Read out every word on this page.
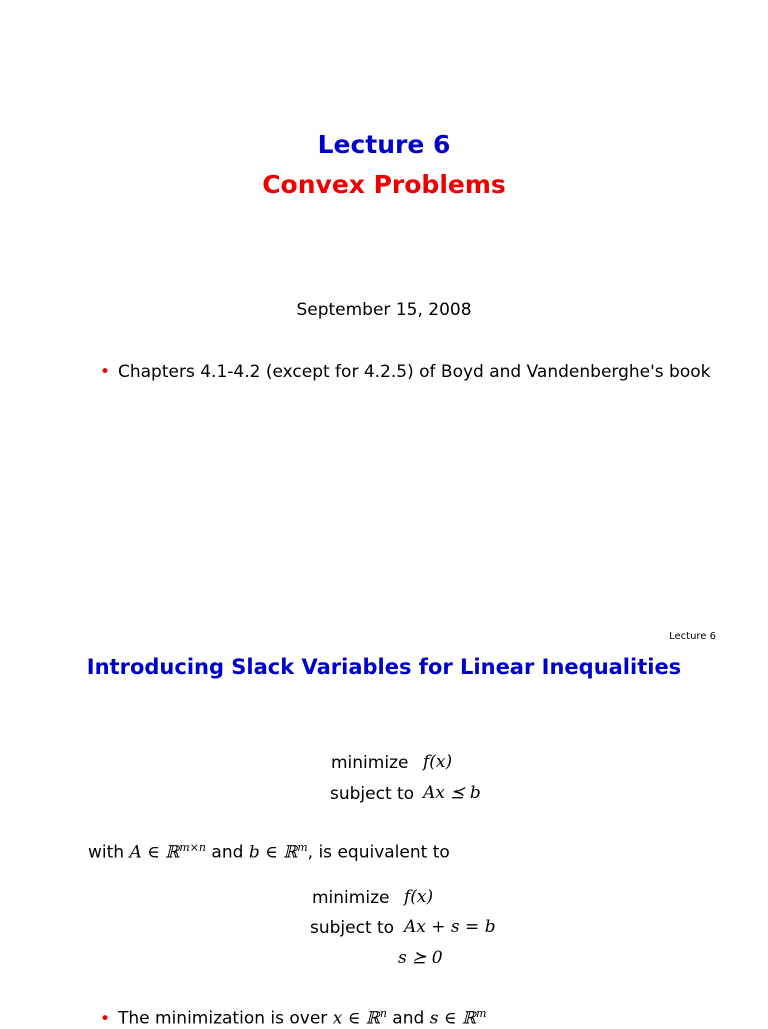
Lecture 6
Convex Problems
September 15, 2008
• Chapters 4.1-4.2 (except for 4.2.5) of Boyd and Vandenberghe's book
Lecture 6
Introducing Slack Variables for Linear Inequalities
minimize f(x)
subject to Ax ⪯ b
with A ∈ ℝ$^{m\times n}$ and b ∈ ℝ$^m$, is equivalent to
minimize f(x)
subject to Ax + s = b
s ⪰ 0
• The minimization is over x ∈ ℝ$^n$ and s ∈ ℝ$^m$
